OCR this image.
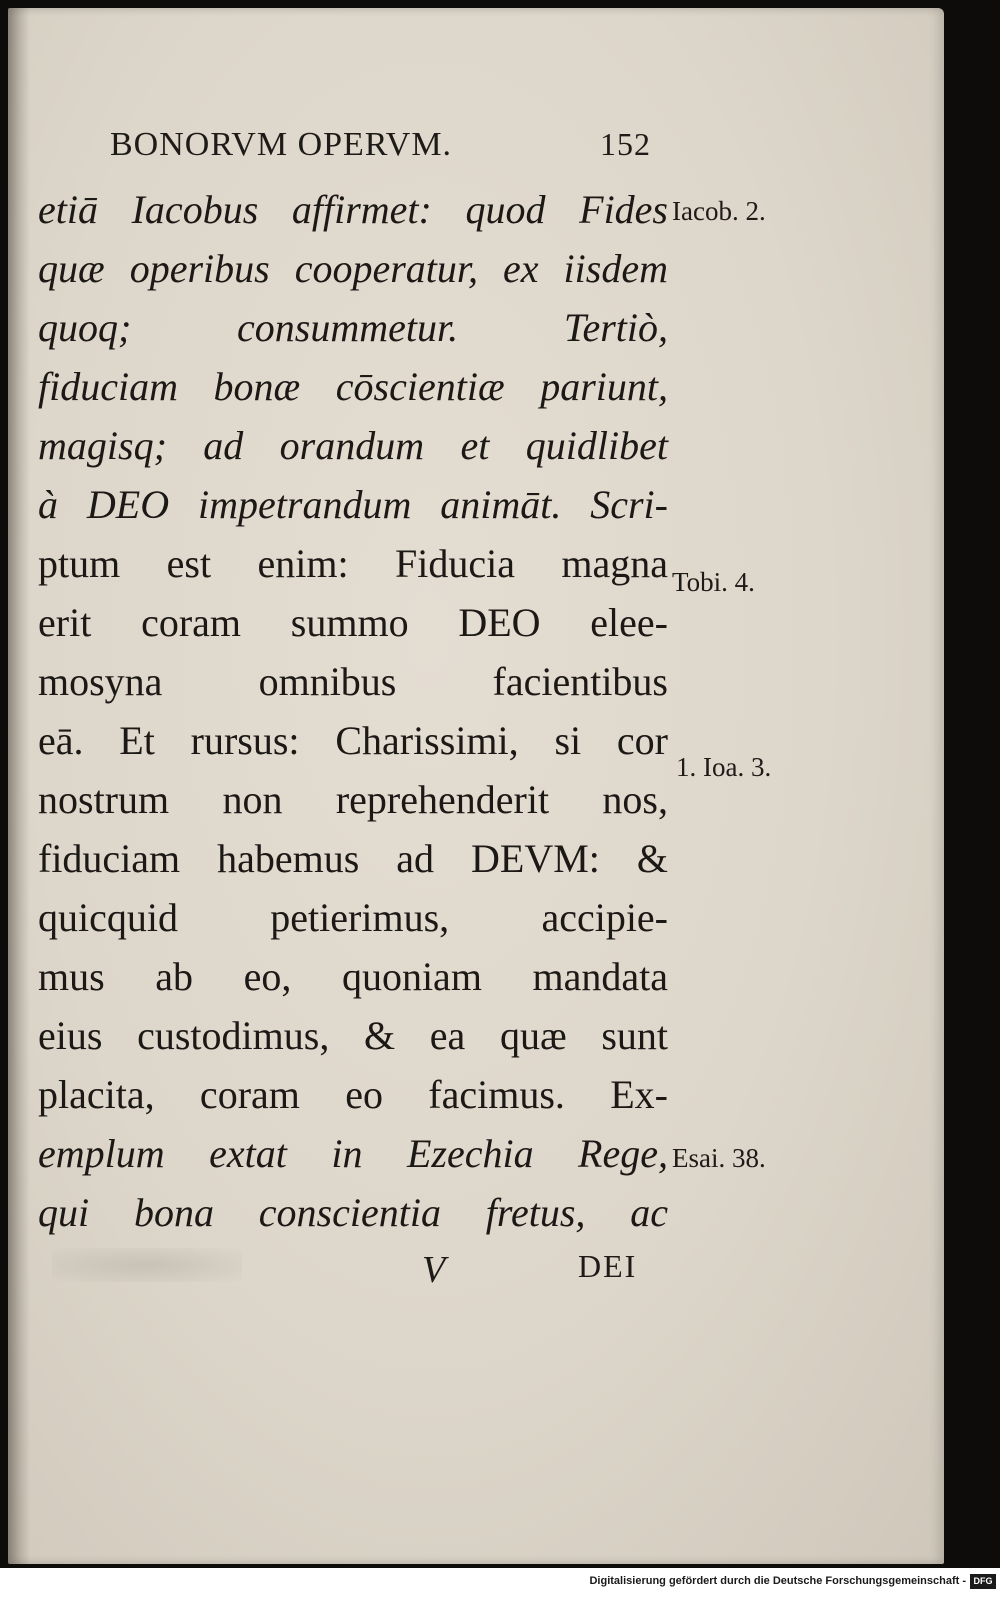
BONORVM OPERVM.	152
etiā Iacobus affirmet: quod Fides
quæ operibus cooperatur, ex iisdem
quoq; consummetur. Tertiò,
fiduciam bonæ cōscientiæ pariunt,
magisq; ad orandum et quidlibet
à DEO impetrandum animāt. Scri-
ptum est enim: Fiducia magna
erit coram summo DEO elee-
mosyna omnibus facientibus
eā. Et rursus: Charissimi, si cor
nostrum non reprehenderit nos,
fiduciam habemus ad DEVM: &
quicquid petierimus, accipie-
mus ab eo, quoniam mandata
eius custodimus, & ea quæ sunt
placita, coram eo facimus. Ex-
emplum extat in Ezechia Rege,
qui bona conscientia fretus, ac
Iacob. 2.
Tobi. 4.
1. Ioa. 3.
Esai. 38.
V	DEI
Digitalisierung gefördert durch die Deutsche Forschungsgemeinschaft - DFG
